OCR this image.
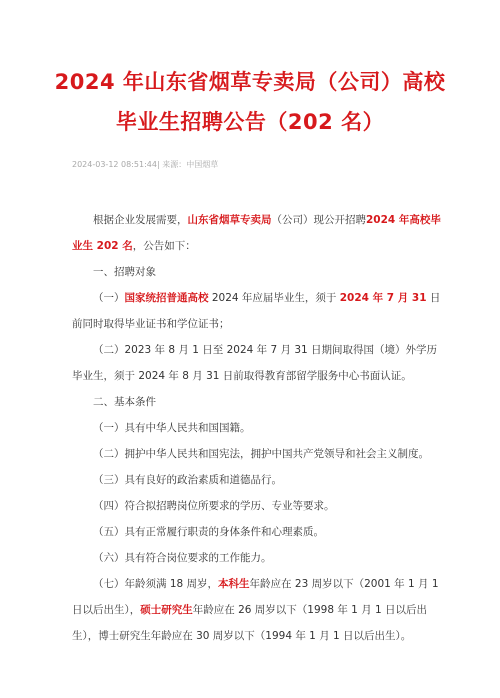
2024 年山东省烟草专卖局（公司）高校
毕业生招聘公告（202 名）
2024-03-12 08:51:44| 来源：中国烟草

根据企业发展需要，山东省烟草专卖局（公司）现公开招聘2024 年高校毕业生 202 名，公告如下：

一、招聘对象

（一）国家统招普通高校 2024 年应届毕业生，须于 2024 年 7 月 31 日前同时取得毕业证书和学位证书；

（二）2023 年 8 月 1 日至 2024 年 7 月 31 日期间取得国（境）外学历毕业生，须于 2024 年 8 月 31 日前取得教育部留学服务中心书面认证。

二、基本条件

（一）具有中华人民共和国国籍。

（二）拥护中华人民共和国宪法，拥护中国共产党领导和社会主义制度。

（三）具有良好的政治素质和道德品行。

（四）符合拟招聘岗位所要求的学历、专业等要求。

（五）具有正常履行职责的身体条件和心理素质。

（六）具有符合岗位要求的工作能力。

（七）年龄须满 18 周岁，本科生年龄应在 23 周岁以下（2001 年 1 月 1 日以后出生），硕士研究生年龄应在 26 周岁以下（1998 年 1 月 1 日以后出生），博士研究生年龄应在 30 周岁以下（1994 年 1 月 1 日以后出生）。
